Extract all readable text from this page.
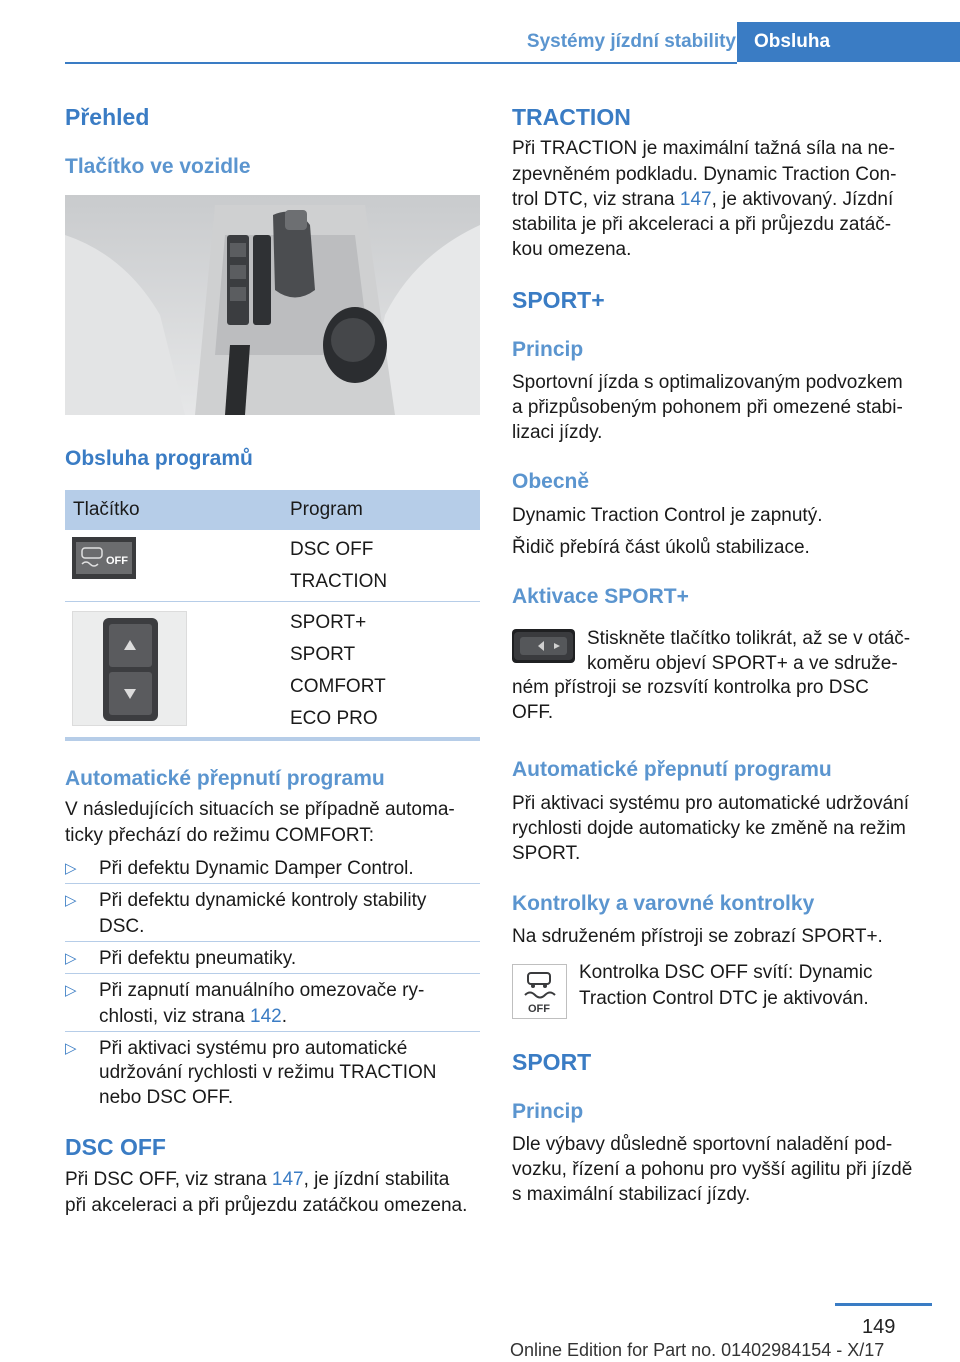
Systémy jízdní stability Obsluha
Přehled
Tlačítko ve vozidle
Obsluha programů
Tlačítko	Program
OFF
DSC OFF
TRACTION
SPORT+
SPORT
COMFORT
ECO PRO
Automatické přepnutí programu

V následujících situacích se případně automa-

ticky přechází do režimu COMFORT:

▷ Při defektu Dynamic Damper Control.
▷ Při defektu dynamické kontroly stability
DSC.
▷ Při defektu pneumatiky.
▷ Při zapnutí manuálního omezovače ry-
chlosti, viz strana 142.
▷ Při aktivaci systému pro automatické
udržování rychlosti v režimu TRACTION
nebo DSC OFF.
DSC OFF

Při DSC OFF, viz strana 147, je jízdní stabilita

při akceleraci a při průjezdu zatáčkou omezena.

TRACTION

Při TRACTION je maximální tažná síla na ne-

zpevněném podkladu. Dynamic Traction Con-

trol DTC, viz strana 147, je aktivovaný. Jízdní

stabilita je při akceleraci a při průjezdu zatáč-

kou omezena.

SPORT+
Princip

Sportovní jízda s optimalizovaným podvozkem

a přizpůsobeným pohonem při omezené stabi-

lizaci jízdy.

Obecně

Dynamic Traction Control je zapnutý.

Řidič přebírá část úkolů stabilizace.

Aktivace SPORT+

Stiskněte tlačítko tolikrát, až se v otáč-

koměru objeví SPORT+ a ve sdruže-

ném přístroji se rozsvítí kontrolka pro DSC

OFF.

Automatické přepnutí programu

Při aktivaci systému pro automatické udržování

rychlosti dojde automaticky ke změně na režim

SPORT.

Kontrolky a varovné kontrolky

Na sdruženém přístroji se zobrazí SPORT+.

OFF

Kontrolka DSC OFF svítí: Dynamic

Traction Control DTC je aktivován.

SPORT
Princip

Dle výbavy důsledně sportovní naladění pod-

vozku, řízení a pohonu pro vyšší agilitu při jízdě

s maximální stabilizací jízdy.

149
Online Edition for Part no. 01402984154 - X/17
